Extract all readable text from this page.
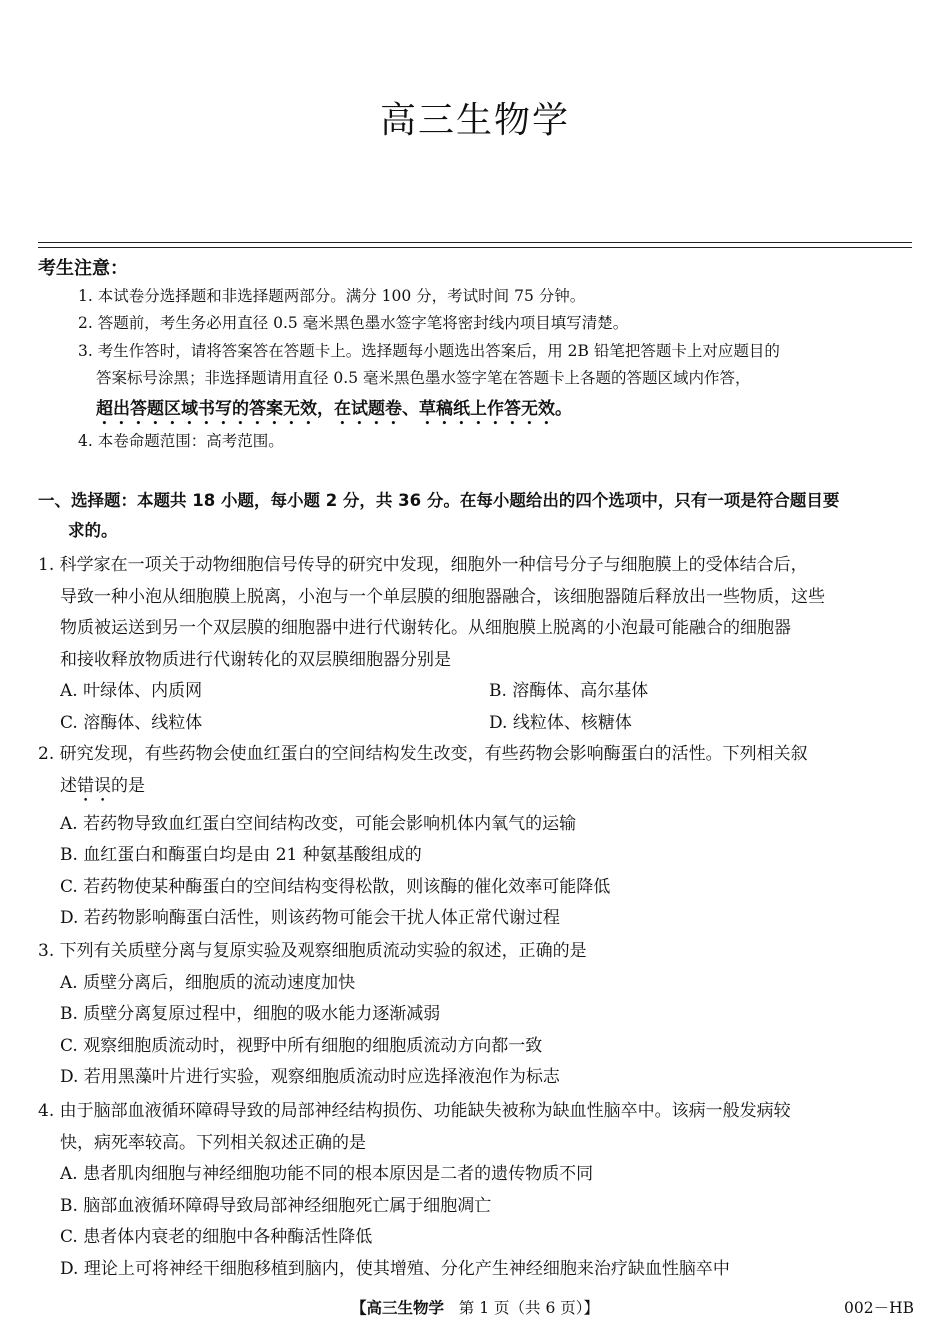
高三生物学
考生注意：
1. 本试卷分选择题和非选择题两部分。满分 100 分，考试时间 75 分钟。
2. 答题前，考生务必用直径 0.5 毫米黑色墨水签字笔将密封线内项目填写清楚。
3. 考生作答时，请将答案答在答题卡上。选择题每小题选出答案后，用 2B 铅笔把答题卡上对应题目的
答案标号涂黑；非选择题请用直径 0.5 毫米黑色墨水签字笔在答题卡上各题的答题区域内作答，
超出答题区域书写的答案无效，在试题卷、草稿纸上作答无效。
4. 本卷命题范围：高考范围。
一、选择题：本题共 18 小题，每小题 2 分，共 36 分。在每小题给出的四个选项中，只有一项是符合题目要
求的。
1. 科学家在一项关于动物细胞信号传导的研究中发现，细胞外一种信号分子与细胞膜上的受体结合后，
导致一种小泡从细胞膜上脱离，小泡与一个单层膜的细胞器融合，该细胞器随后释放出一些物质，这些
物质被运送到另一个双层膜的细胞器中进行代谢转化。从细胞膜上脱离的小泡最可能融合的细胞器
和接收释放物质进行代谢转化的双层膜细胞器分别是
A. 叶绿体、内质网	B. 溶酶体、高尔基体
C. 溶酶体、线粒体	D. 线粒体、核糖体
2. 研究发现，有些药物会使血红蛋白的空间结构发生改变，有些药物会影响酶蛋白的活性。下列相关叙
述错误的是
A. 若药物导致血红蛋白空间结构改变，可能会影响机体内氧气的运输
B. 血红蛋白和酶蛋白均是由 21 种氨基酸组成的
C. 若药物使某种酶蛋白的空间结构变得松散，则该酶的催化效率可能降低
D. 若药物影响酶蛋白活性，则该药物可能会干扰人体正常代谢过程
3. 下列有关质壁分离与复原实验及观察细胞质流动实验的叙述，正确的是
A. 质壁分离后，细胞质的流动速度加快
B. 质壁分离复原过程中，细胞的吸水能力逐渐减弱
C. 观察细胞质流动时，视野中所有细胞的细胞质流动方向都一致
D. 若用黑藻叶片进行实验，观察细胞质流动时应选择液泡作为标志
4. 由于脑部血液循环障碍导致的局部神经结构损伤、功能缺失被称为缺血性脑卒中。该病一般发病较
快，病死率较高。下列相关叙述正确的是
A. 患者肌肉细胞与神经细胞功能不同的根本原因是二者的遗传物质不同
B. 脑部血液循环障碍导致局部神经细胞死亡属于细胞凋亡
C. 患者体内衰老的细胞中各种酶活性降低
D. 理论上可将神经干细胞移植到脑内，使其增殖、分化产生神经细胞来治疗缺血性脑卒中
【高三生物学 第 1 页（共 6 页）】	002－HB
